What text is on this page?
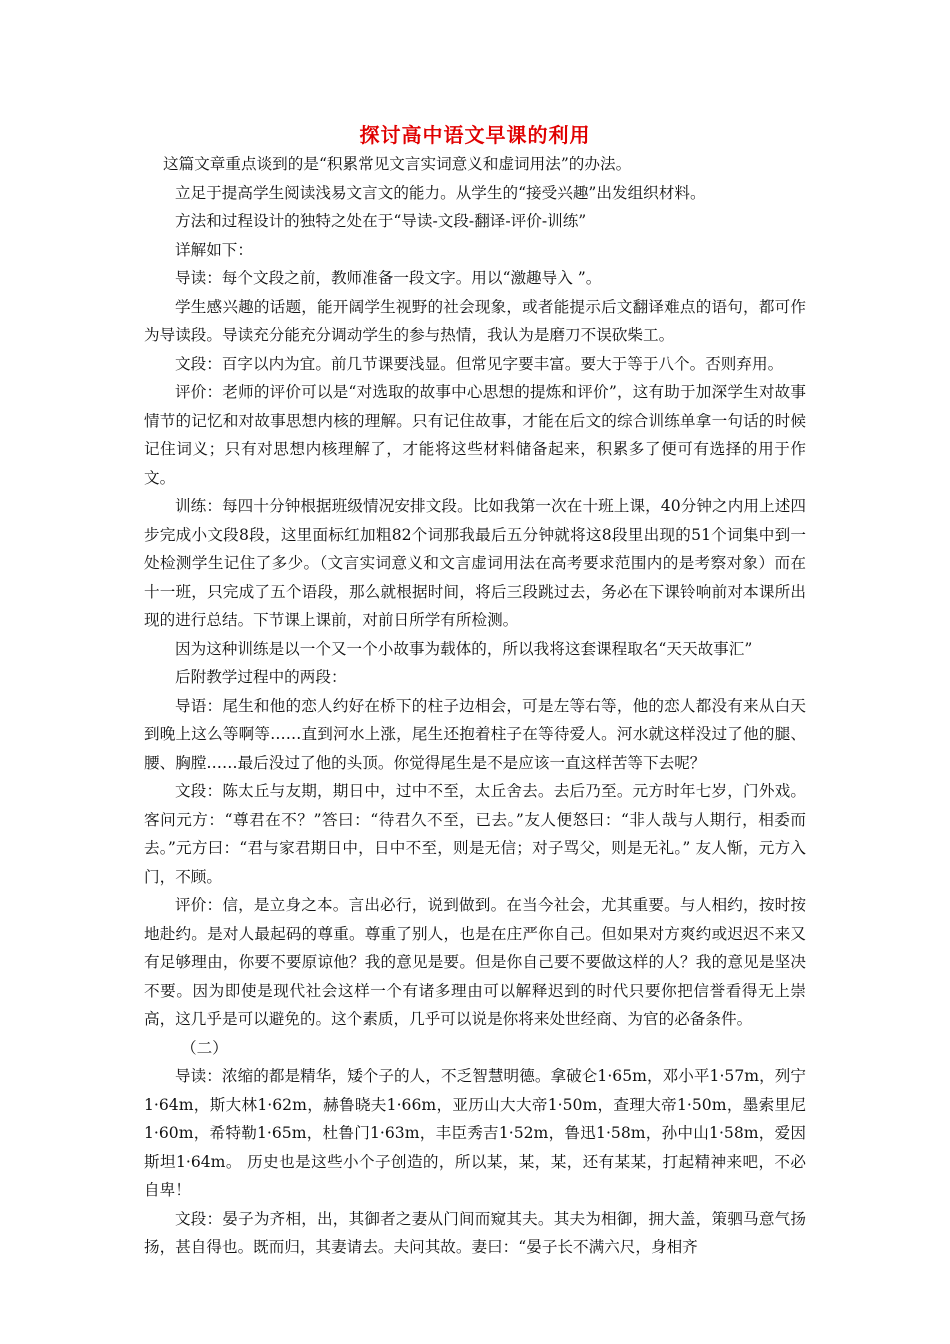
探讨高中语文早课的利用

这篇文章重点谈到的是“积累常见文言实词意义和虚词用法”的办法。

立足于提高学生阅读浅易文言文的能力。从学生的“接受兴趣”出发组织材料。

方法和过程设计的独特之处在于“导读-文段-翻译-评价-训练”

详解如下：

导读：每个文段之前，教师准备一段文字。用以“激趣导入 ”。

学生感兴趣的话题，能开阔学生视野的社会现象，或者能提示后文翻译难点的语句，都可作为导读段。导读充分能充分调动学生的参与热情，我认为是磨刀不误砍柴工。

文段：百字以内为宜。前几节课要浅显。但常见字要丰富。要大于等于八个。否则弃用。

评价：老师的评价可以是“对选取的故事中心思想的提炼和评价”，这有助于加深学生对故事情节的记忆和对故事思想内核的理解。只有记住故事，才能在后文的综合训练单拿一句话的时候记住词义；只有对思想内核理解了，才能将这些材料储备起来，积累多了便可有选择的用于作文。

训练：每四十分钟根据班级情况安排文段。比如我第一次在十班上课，40分钟之内用上述四步完成小文段8段，这里面标红加粗82个词那我最后五分钟就将这8段里出现的51个词集中到一处检测学生记住了多少。（文言实词意义和文言虚词用法在高考要求范围内的是考察对象）而在十一班，只完成了五个语段，那么就根据时间，将后三段跳过去，务必在下课铃响前对本课所出现的进行总结。下节课上课前，对前日所学有所检测。

因为这种训练是以一个又一个小故事为载体的，所以我将这套课程取名“天天故事汇”

后附教学过程中的两段：

导语：尾生和他的恋人约好在桥下的柱子边相会，可是左等右等，他的恋人都没有来从白天到晚上这么等啊等……直到河水上涨，尾生还抱着柱子在等待爱人。河水就这样没过了他的腿、腰、胸膛……最后没过了他的头顶。你觉得尾生是不是应该一直这样苦等下去呢？

文段：陈太丘与友期，期日中，过中不至，太丘舍去。去后乃至。元方时年七岁，门外戏。客问元方：“尊君在不？”答曰：“待君久不至，已去。”友人便怒曰：“非人哉与人期行，相委而去。”元方曰：“君与家君期日中，日中不至，则是无信；对子骂父，则是无礼。” 友人惭，元方入门，不顾。

评价：信，是立身之本。言出必行，说到做到。在当今社会，尤其重要。与人相约，按时按地赴约。是对人最起码的尊重。尊重了别人，也是在庄严你自己。但如果对方爽约或迟迟不来又有足够理由，你要不要原谅他？我的意见是要。但是你自己要不要做这样的人？我的意见是坚决不要。因为即使是现代社会这样一个有诸多理由可以解释迟到的时代只要你把信誉看得无上崇高，这几乎是可以避免的。这个素质，几乎可以说是你将来处世经商、为官的必备条件。

（二）

导读：浓缩的都是精华，矮个子的人，不乏智慧明德。拿破仑1·65m，邓小平1·57m，列宁1·64m，斯大林1·62m，赫鲁晓夫1·66m，亚历山大大帝1·50m，查理大帝1·50m，墨索里尼1·60m，希特勒1·65m，杜鲁门1·63m，丰臣秀吉1·52m，鲁迅1·58m，孙中山1·58m，爱因斯坦1·64m。 历史也是这些小个子创造的，所以某，某，某，还有某某，打起精神来吧，不必自卑！

文段：晏子为齐相，出，其御者之妻从门间而窥其夫。其夫为相御，拥大盖，策驷马意气扬扬，甚自得也。既而归，其妻请去。夫问其故。妻曰：“晏子长不满六尺，身相齐
